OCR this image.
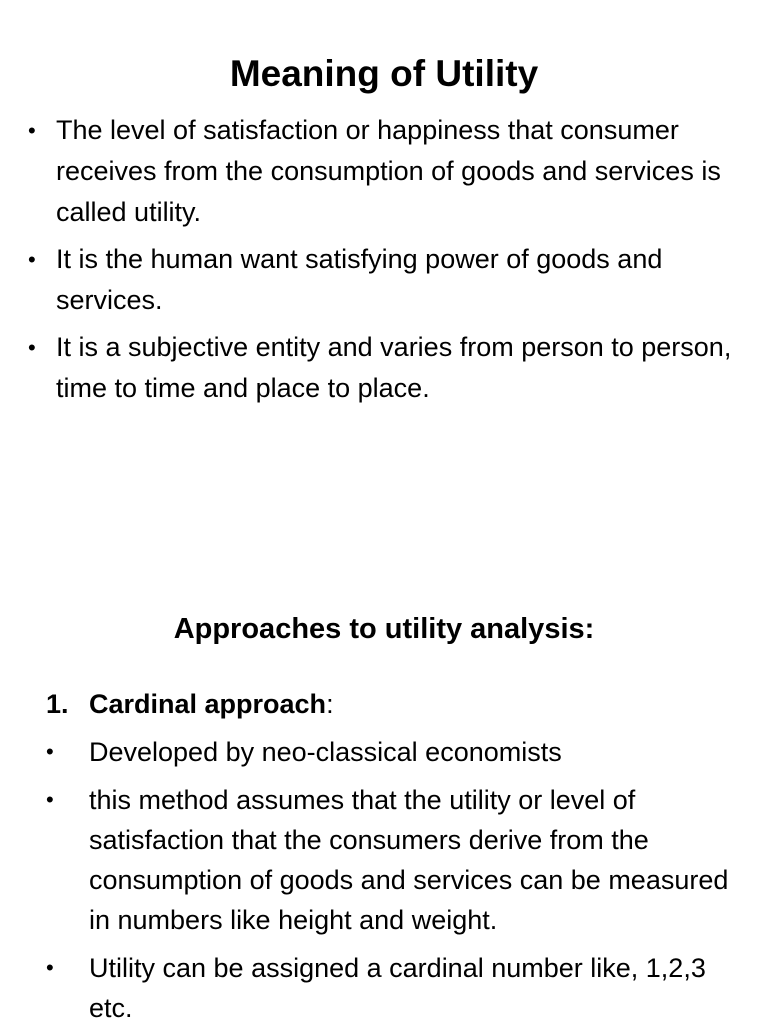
Meaning of Utility
• The level of satisfaction or happiness that consumer receives from the consumption of goods and services is called utility.
• It is the human want satisfying power of goods and services.
• It is a subjective entity and varies from person to person, time to time and place to place.
Approaches to utility analysis:

1. Cardinal approach:

• Developed by neo-classical economists
• this method assumes that the utility or level of satisfaction that the consumers derive from the consumption of goods and services can be measured in numbers like height and weight.
• Utility can be assigned a cardinal number like, 1,2,3 etc.
